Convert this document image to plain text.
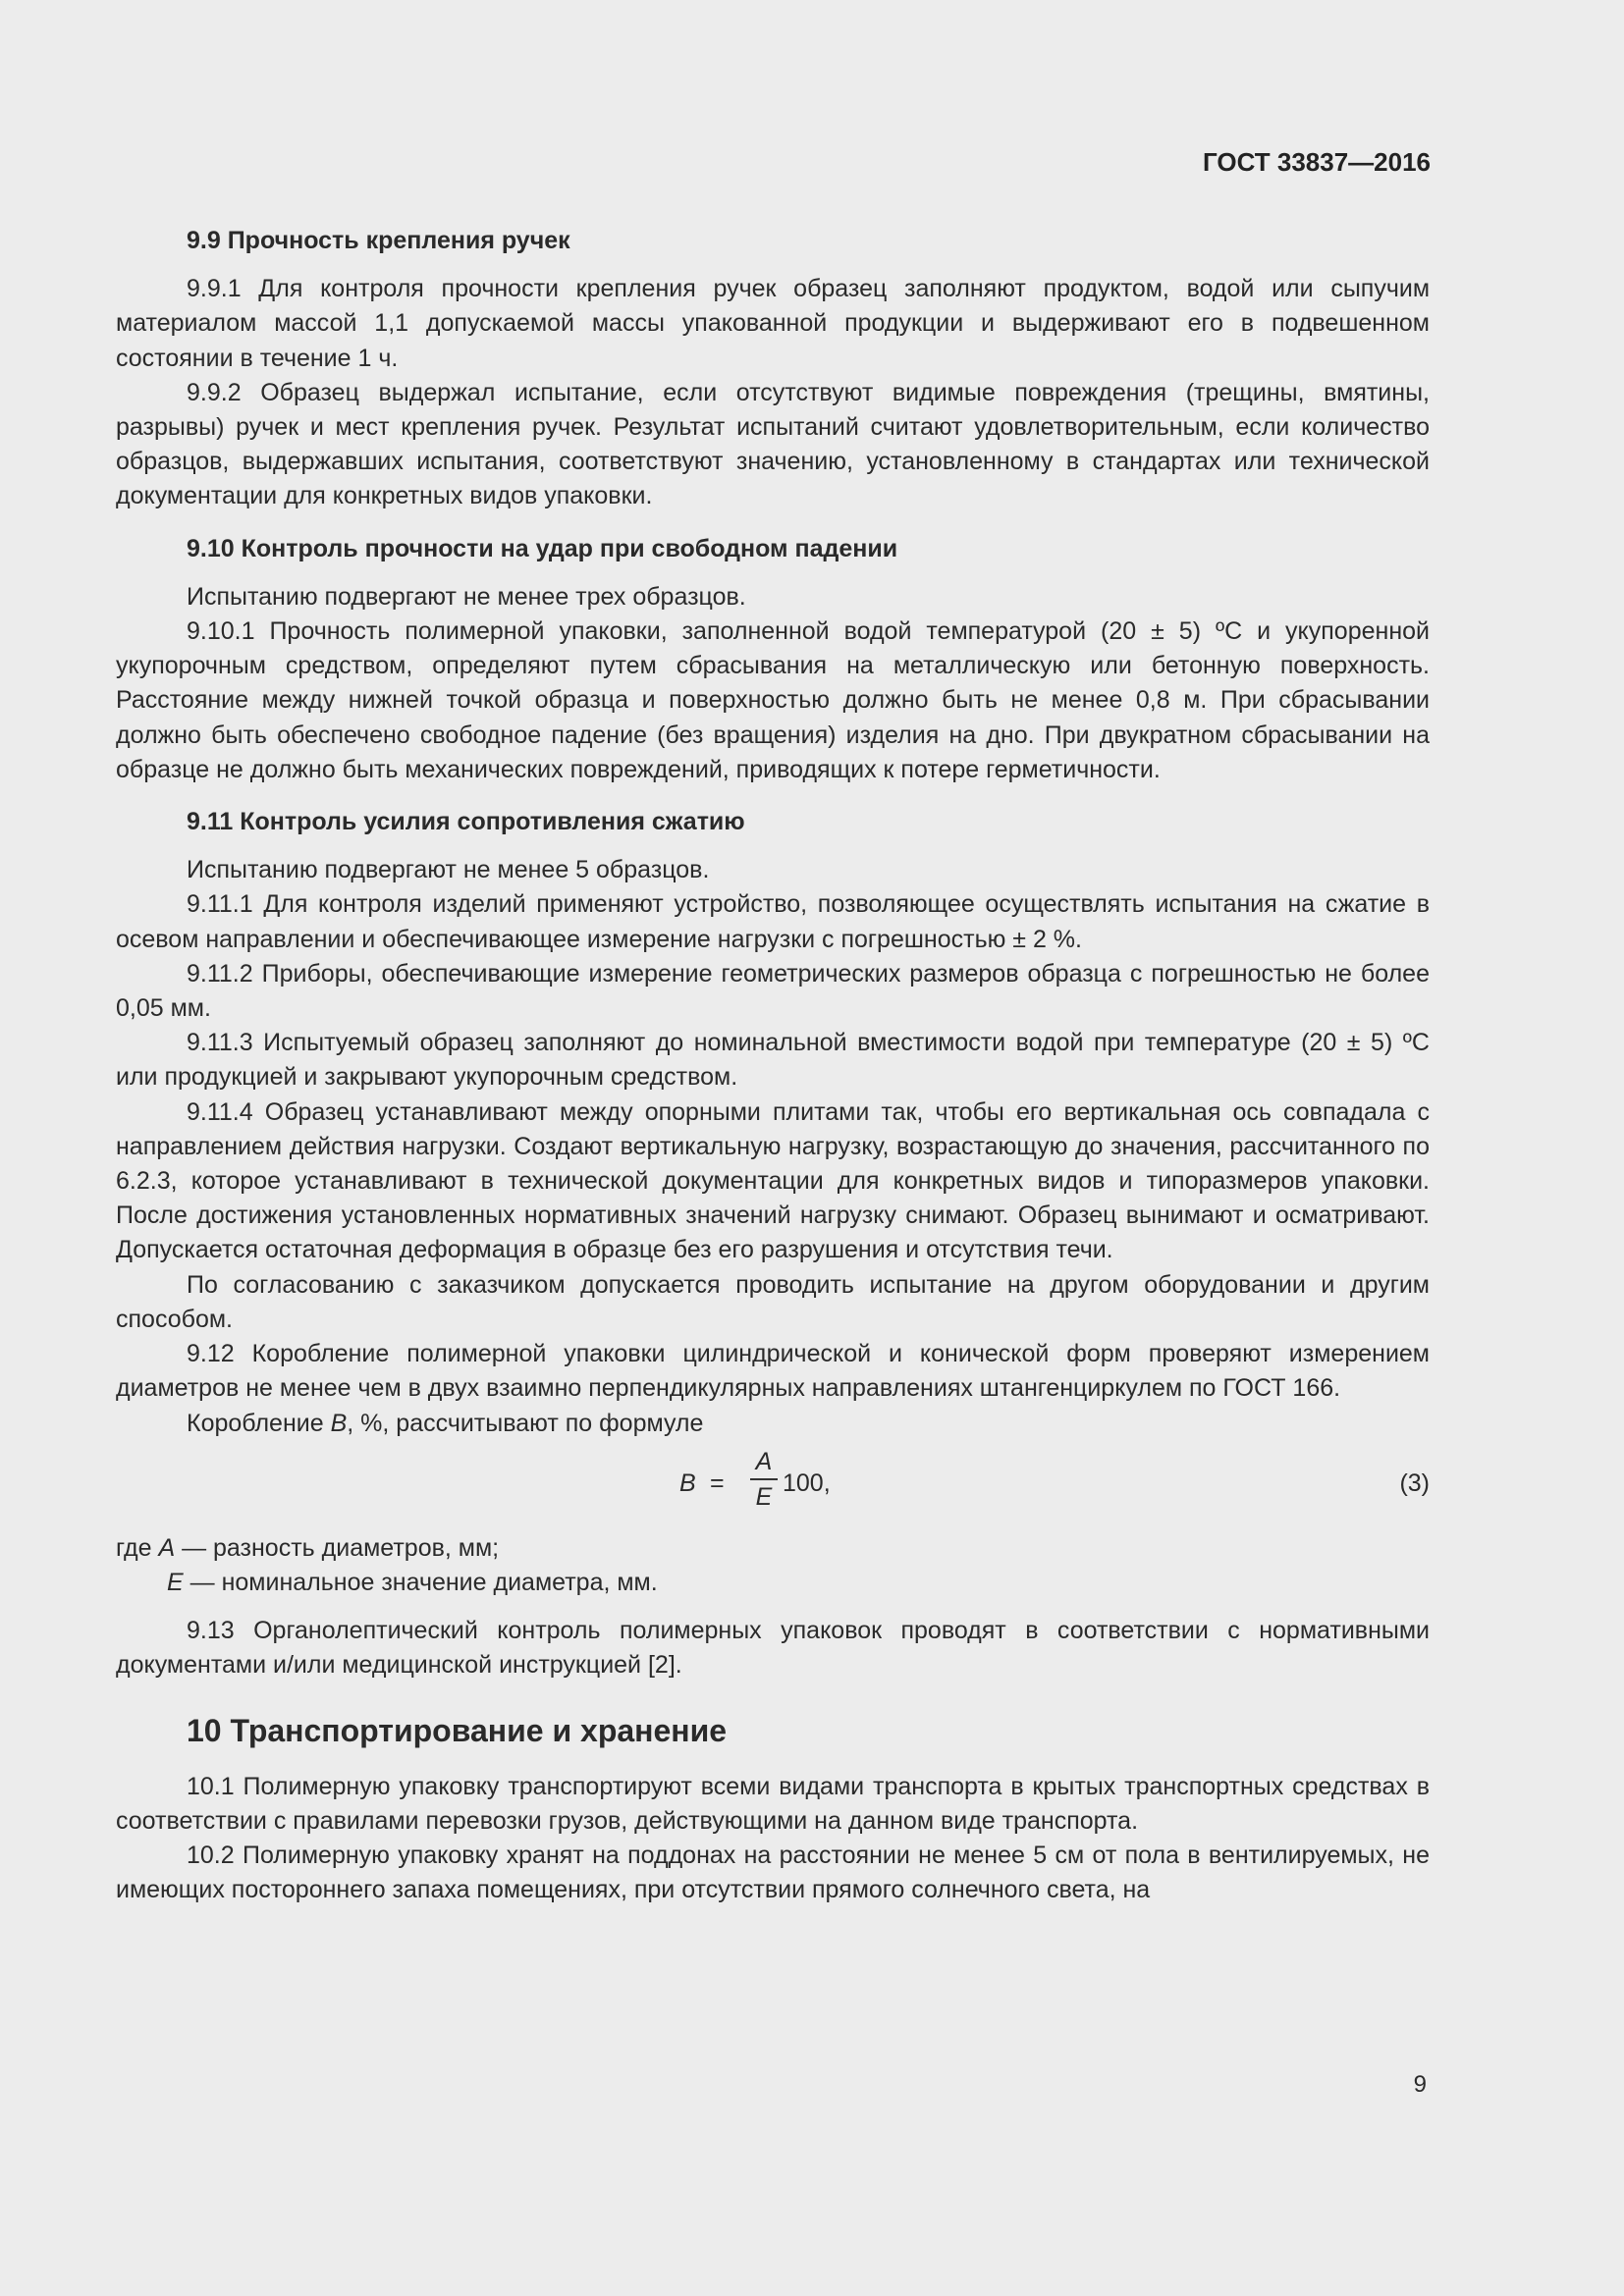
ГОСТ 33837—2016
9.9 Прочность крепления ручек

9.9.1 Для контроля прочности крепления ручек образец заполняют продуктом, водой или сыпучим материалом массой 1,1 допускаемой массы упакованной продукции и выдерживают его в подвешенном состоянии в течение 1 ч.

9.9.2 Образец выдержал испытание, если отсутствуют видимые повреждения (трещины, вмятины, разрывы) ручек и мест крепления ручек. Результат испытаний считают удовлетворительным, если количество образцов, выдержавших испытания, соответствуют значению, установленному в стандартах или технической документации для конкретных видов упаковки.

9.10 Контроль прочности на удар при свободном падении

Испытанию подвергают не менее трех образцов.

9.10.1 Прочность полимерной упаковки, заполненной водой температурой (20 ± 5) ºС и укупоренной укупорочным средством, определяют путем сбрасывания на металлическую или бетонную поверхность. Расстояние между нижней точкой образца и поверхностью должно быть не менее 0,8 м. При сбрасывании должно быть обеспечено свободное падение (без вращения) изделия на дно. При двукратном сбрасывании на образце не должно быть механических повреждений, приводящих к потере герметичности.

9.11 Контроль усилия сопротивления сжатию

Испытанию подвергают не менее 5 образцов.

9.11.1 Для контроля изделий применяют устройство, позволяющее осуществлять испытания на сжатие в осевом направлении и обеспечивающее измерение нагрузки с погрешностью ± 2 %.

9.11.2 Приборы, обеспечивающие измерение геометрических размеров образца с погрешностью не более 0,05 мм.

9.11.3 Испытуемый образец заполняют до номинальной вместимости водой при температуре (20 ± 5) ºС или продукцией и закрывают укупорочным средством.

9.11.4 Образец устанавливают между опорными плитами так, чтобы его вертикальная ось совпадала с направлением действия нагрузки. Создают вертикальную нагрузку, возрастающую до значения, рассчитанного по 6.2.3, которое устанавливают в технической документации для конкретных видов и типоразмеров упаковки. После достижения установленных нормативных значений нагрузку снимают. Образец вынимают и осматривают. Допускается остаточная деформация в образце без его разрушения и отсутствия течи.

По согласованию с заказчиком допускается проводить испытание на другом оборудовании и другим способом.

9.12 Коробление полимерной упаковки цилиндрической и конической форм проверяют измерением диаметров не менее чем в двух взаимно перпендикулярных направлениях штангенциркулем по ГОСТ 166.

Коробление B, %, рассчитывают по формуле

B =
A
E 100,	(3)

где A — разность диаметров, мм;

E — номинальное значение диаметра, мм.

9.13 Органолептический контроль полимерных упаковок проводят в соответствии с нормативными документами и/или медицинской инструкцией [2].

10 Транспортирование и хранение

10.1 Полимерную упаковку транспортируют всеми видами транспорта в крытых транспортных средствах в соответствии с правилами перевозки грузов, действующими на данном виде транспорта.

10.2 Полимерную упаковку хранят на поддонах на расстоянии не менее 5 см от пола в вентилируемых, не имеющих постороннего запаха помещениях, при отсутствии прямого солнечного света, на

9
